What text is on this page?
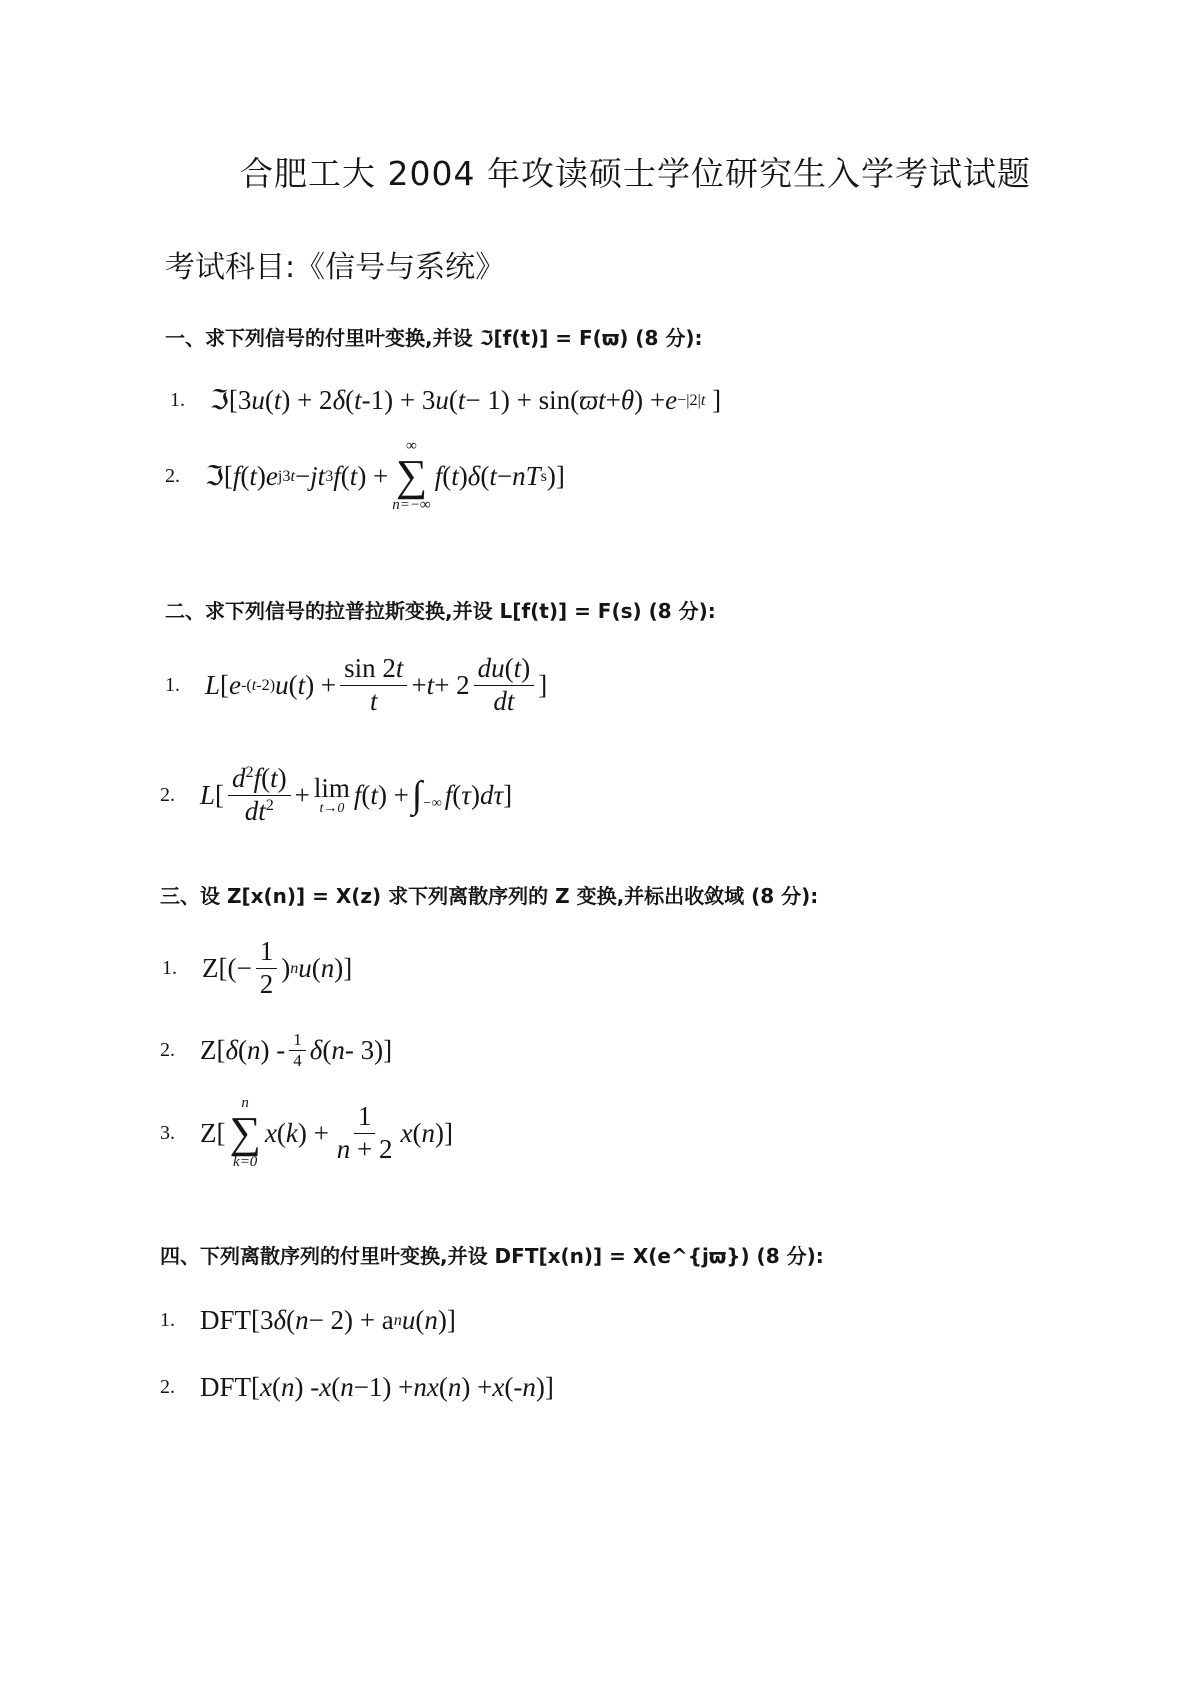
合肥工大 2004 年攻读硕士学位研究生入学考试试题
考试科目:《信号与系统》
一、求下列信号的付里叶变换,并设 ℑ[f(t)] = F(ϖ) (8 分):
1. ℑ[3 u ( t ) + 2 δ ( t -1) + 3 u ( t − 1) + sin( ϖt + θ ) + e −|2|t ]
2. ℑ[ f ( t ) e j3t − jt 3 f ( t ) +
∞
∑
n=−∞
f ( t ) δ ( t − nT s )]
二、求下列信号的拉普拉斯变换,并设 L[f(t)] = F(s) (8 分):
1. L [ e -(t-2) u ( t ) + $\frac{\sin 2t}{t} + t + 2 \frac{du(t)}{dt}$ ]
2. L [ $\frac{d^2f(t)}{dt^2} + \lim$
t→0 f ( t ) + ∫ −∞ f ( τ ) dτ ]
三、设 Z[x(n)] = X(z) 求下列离散序列的 Z 变换,并标出收敛域 (8 分):
1. $Z[(- \frac{1}{2}$ ) n u ( n )]
2. Z[ δ ( n ) - $\frac{1}{4}$ δ ( n - 3)]
3. Z[
n
∑
k=0
x ( k ) + $\frac{1}{n + 2}$ x ( n )]
四、下列离散序列的付里叶变换,并设 DFT[x(n)] = X(e^{jϖ}) (8 分):
1. DFT[3 δ ( n − 2) + a n u ( n )]
2. DFT[ x ( n ) - x ( n −1) + nx ( n ) + x (- n )]
